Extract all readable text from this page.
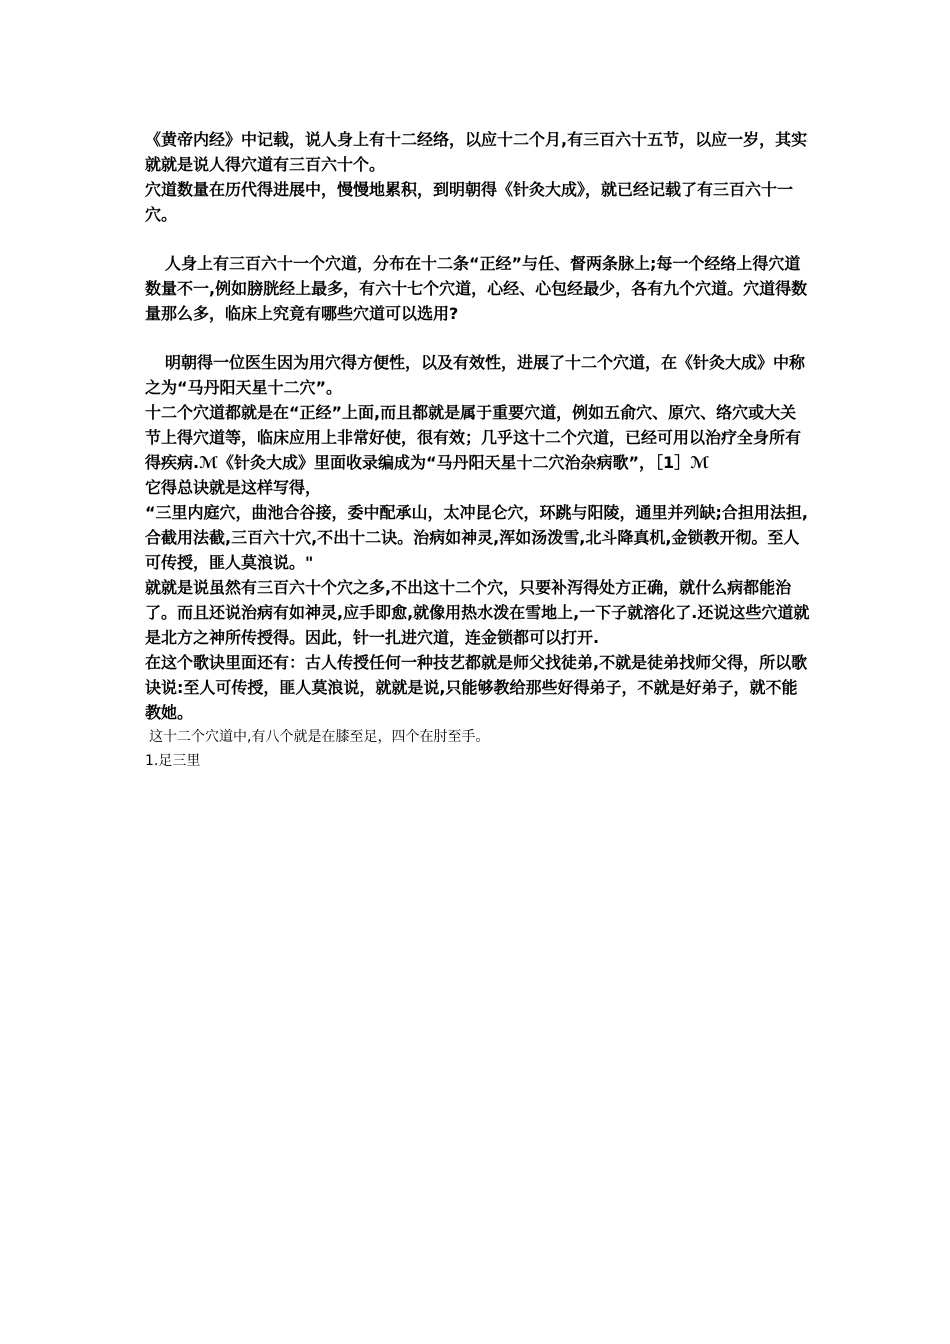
《黄帝内经》中记载，说人身上有十二经络，以应十二个月,有三百六十五节，以应一岁，其实就就是说人得穴道有三百六十个。

穴道数量在历代得进展中，慢慢地累积，到明朝得《针灸大成》，就已经记载了有三百六十一穴。

人身上有三百六十一个穴道，分布在十二条“正经”与任、督两条脉上;每一个经络上得穴道数量不一,例如膀胱经上最多，有六十七个穴道，心经、心包经最少，各有九个穴道。穴道得数量那么多，临床上究竟有哪些穴道可以选用?

明朝得一位医生因为用穴得方便性，以及有效性，进展了十二个穴道，在《针灸大成》中称之为“马丹阳天星十二穴”。

十二个穴道都就是在“正经”上面,而且都就是属于重要穴道，例如五俞穴、原穴、络穴或大关节上得穴道等，临床应用上非常好使，很有效；几乎这十二个穴道，已经可用以治疗全身所有得疾病.ℳ《针灸大成》里面收录编成为“马丹阳天星十二穴治杂病歌”，［1］ℳ

它得总诀就是这样写得，

“三里内庭穴，曲池合谷接，委中配承山，太冲昆仑穴，环跳与阳陵，通里并列缺;合担用法担,合截用法截,三百六十穴,不出十二诀。治病如神灵,浑如汤泼雪,北斗降真机,金锁教开彻。至人可传授，匪人莫浪说。"

就就是说虽然有三百六十个穴之多,不出这十二个穴，只要补泻得处方正确，就什么病都能治了。而且还说治病有如神灵,应手即愈,就像用热水泼在雪地上,一下子就溶化了.还说这些穴道就是北方之神所传授得。因此，针一扎进穴道，连金锁都可以打开.

在这个歌诀里面还有：古人传授任何一种技艺都就是师父找徒弟,不就是徒弟找师父得，所以歌诀说:至人可传授，匪人莫浪说，就就是说,只能够教给那些好得弟子，不就是好弟子，就不能教她。

这十二个穴道中,有八个就是在膝至足，四个在肘至手。

1.足三里
